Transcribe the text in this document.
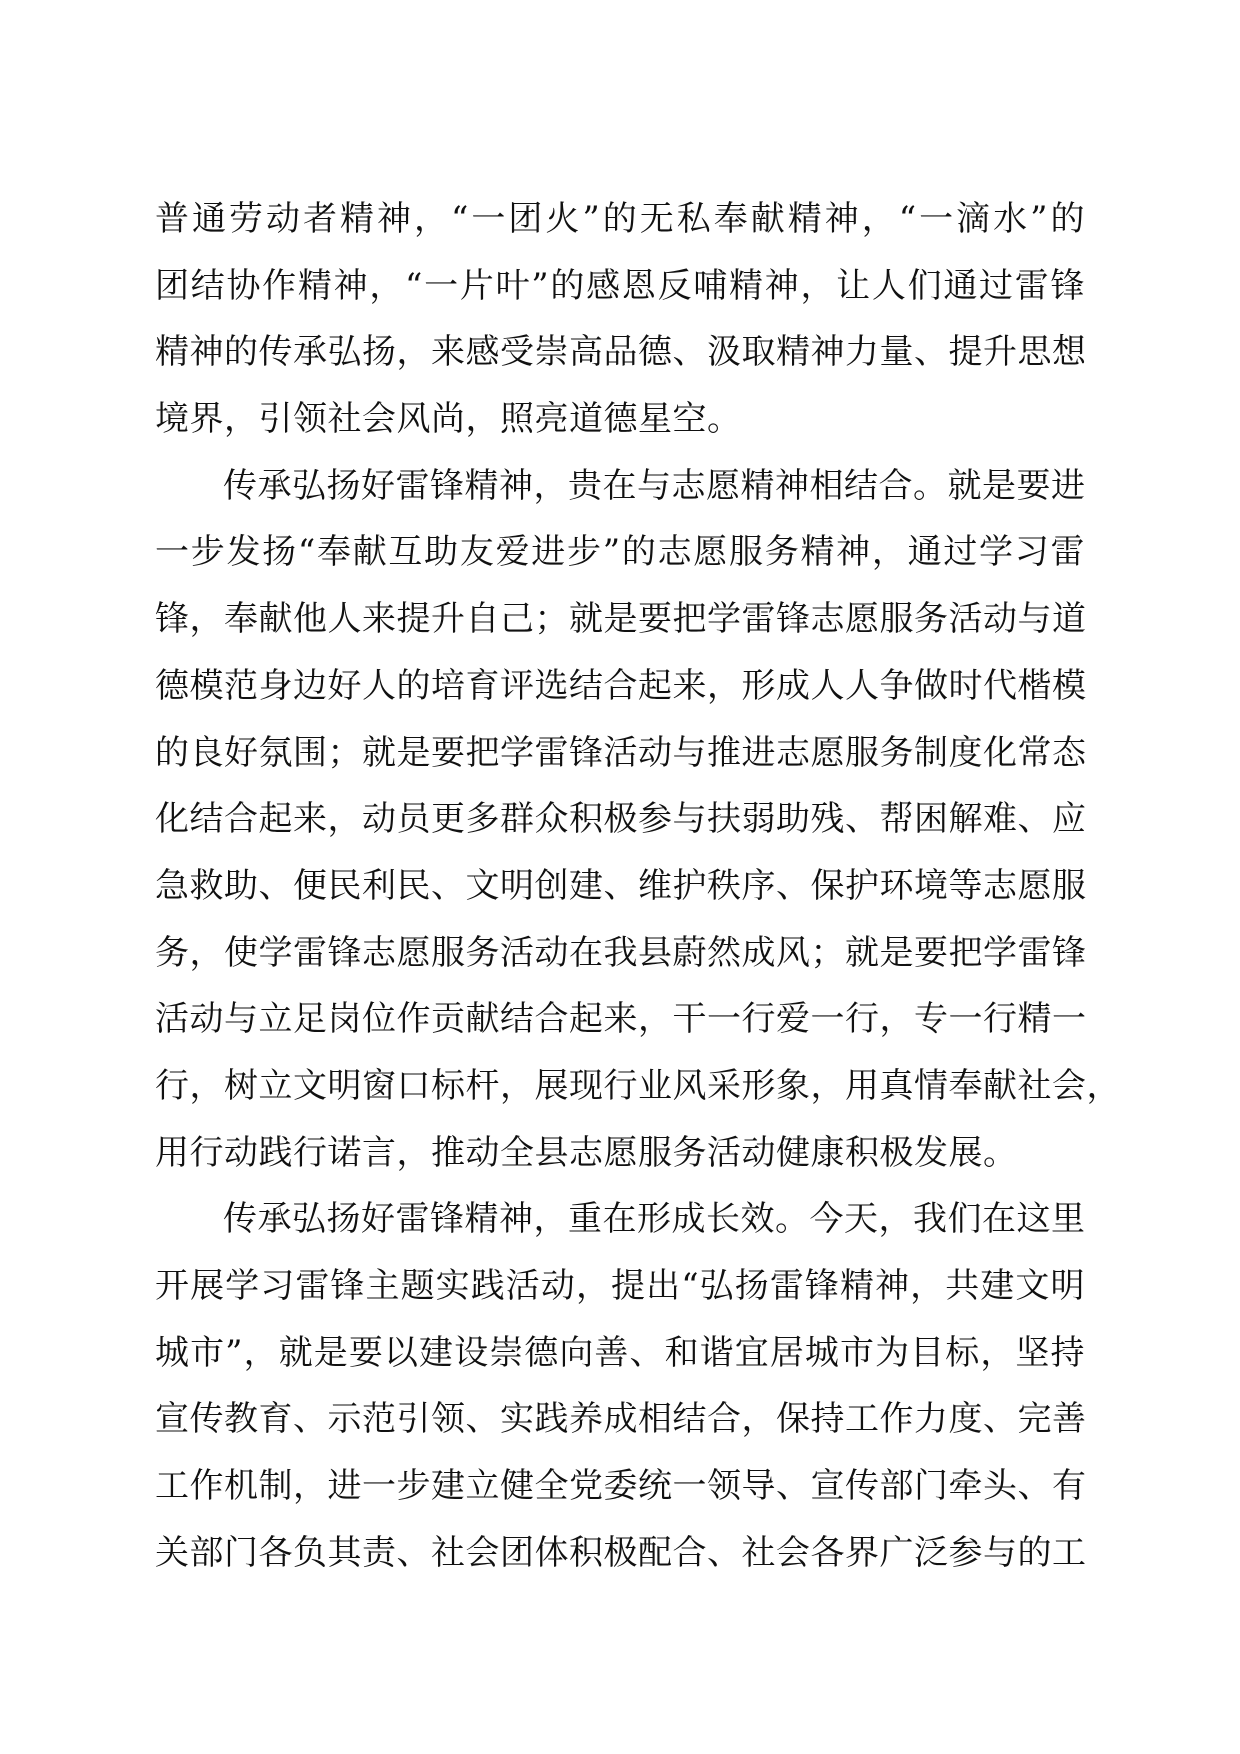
普通劳动者精神，“一团火”的无私奉献精神，“一滴水”的
团结协作精神，“一片叶”的感恩反哺精神，让人们通过雷锋
精神的传承弘扬，来感受崇高品德、汲取精神力量、提升思想
境界，引领社会风尚，照亮道德星空。
传承弘扬好雷锋精神，贵在与志愿精神相结合。就是要进
一步发扬“奉献互助友爱进步”的志愿服务精神，通过学习雷
锋，奉献他人来提升自己；就是要把学雷锋志愿服务活动与道
德模范身边好人的培育评选结合起来，形成人人争做时代楷模
的良好氛围；就是要把学雷锋活动与推进志愿服务制度化常态
化结合起来，动员更多群众积极参与扶弱助残、帮困解难、应
急救助、便民利民、文明创建、维护秩序、保护环境等志愿服
务，使学雷锋志愿服务活动在我县蔚然成风；就是要把学雷锋
活动与立足岗位作贡献结合起来，干一行爱一行，专一行精一
行，树立文明窗口标杆，展现行业风采形象，用真情奉献社会，
用行动践行诺言，推动全县志愿服务活动健康积极发展。
传承弘扬好雷锋精神，重在形成长效。今天，我们在这里
开展学习雷锋主题实践活动，提出“弘扬雷锋精神，共建文明
城市”，就是要以建设崇德向善、和谐宜居城市为目标，坚持
宣传教育、示范引领、实践养成相结合，保持工作力度、完善
工作机制，进一步建立健全党委统一领导、宣传部门牵头、有
关部门各负其责、社会团体积极配合、社会各界广泛参与的工
